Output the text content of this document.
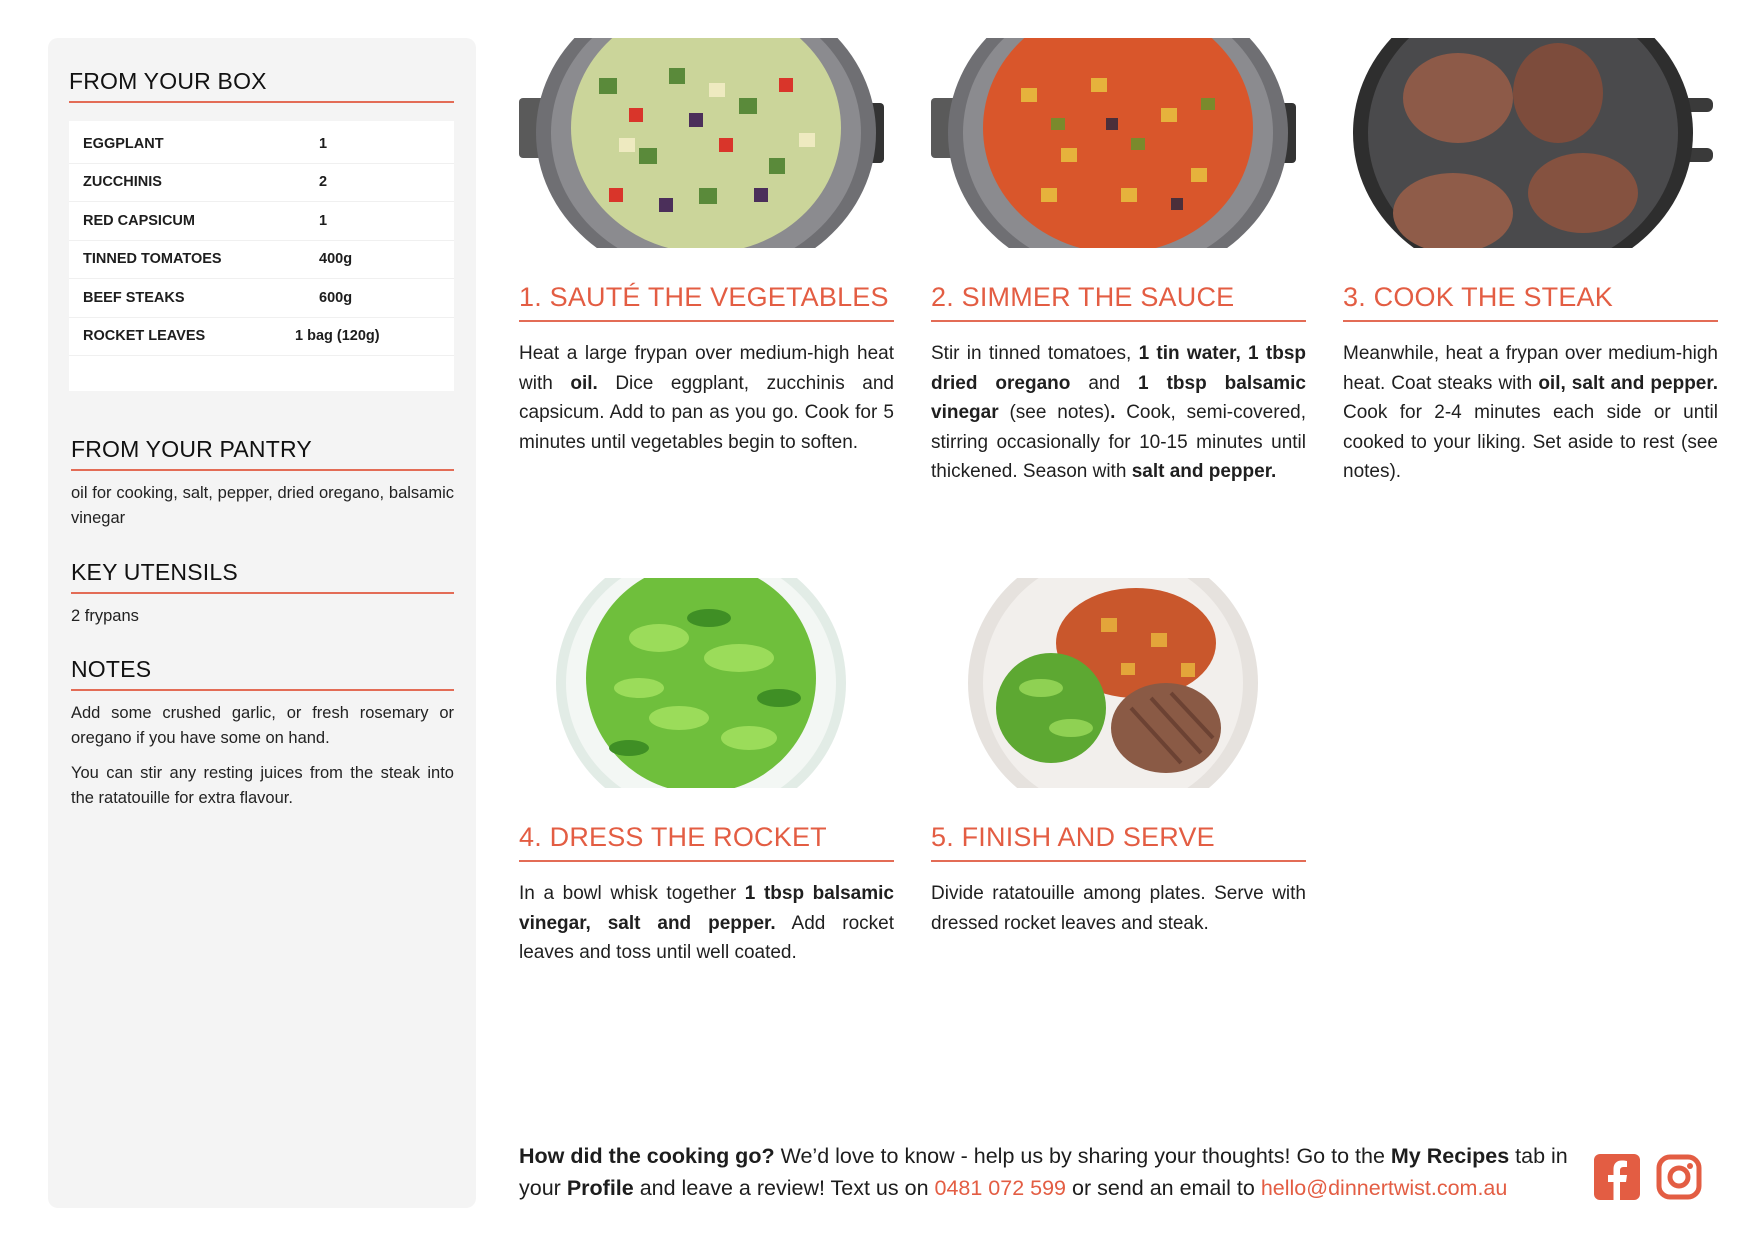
FROM YOUR BOX
EGGPLANT	1
ZUCCHINIS	2
RED CAPSICUM	1
TINNED TOMATOES	400g
BEEF STEAKS	600g
ROCKET LEAVES	1 bag (120g)
FROM YOUR PANTRY
oil for cooking, salt, pepper, dried oregano, balsamic vinegar
KEY UTENSILS
2 frypans
NOTES

Add some crushed garlic, or fresh rosemary or oregano if you have some on hand.

You can stir any resting juices from the steak into the ratatouille for extra flavour.

1. SAUTÉ THE VEGETABLES
Heat a large frypan over medium-high heat with oil. Dice eggplant, zucchinis and capsicum. Add to pan as you go. Cook for 5 minutes until vegetables begin to soften.
2. SIMMER THE SAUCE
Stir in tinned tomatoes, 1 tin water, 1 tbsp dried oregano and 1 tbsp balsamic vinegar (see notes). Cook, semi-covered, stirring occasionally for 10-15 minutes until thickened. Season with salt and pepper.
3. COOK THE STEAK
Meanwhile, heat a frypan over medium-high heat. Coat steaks with oil, salt and pepper. Cook for 2-4 minutes each side or until cooked to your liking. Set aside to rest (see notes).
4. DRESS THE ROCKET
In a bowl whisk together 1 tbsp balsamic vinegar, salt and pepper. Add rocket leaves and toss until well coated.
5. FINISH AND SERVE
Divide ratatouille among plates. Serve with dressed rocket leaves and steak.
How did the cooking go? We’d love to know - help us by sharing your thoughts! Go to the My Recipes tab in your Profile and leave a review! Text us on 0481 072 599 or send an email to hello@dinnertwist.com.au
